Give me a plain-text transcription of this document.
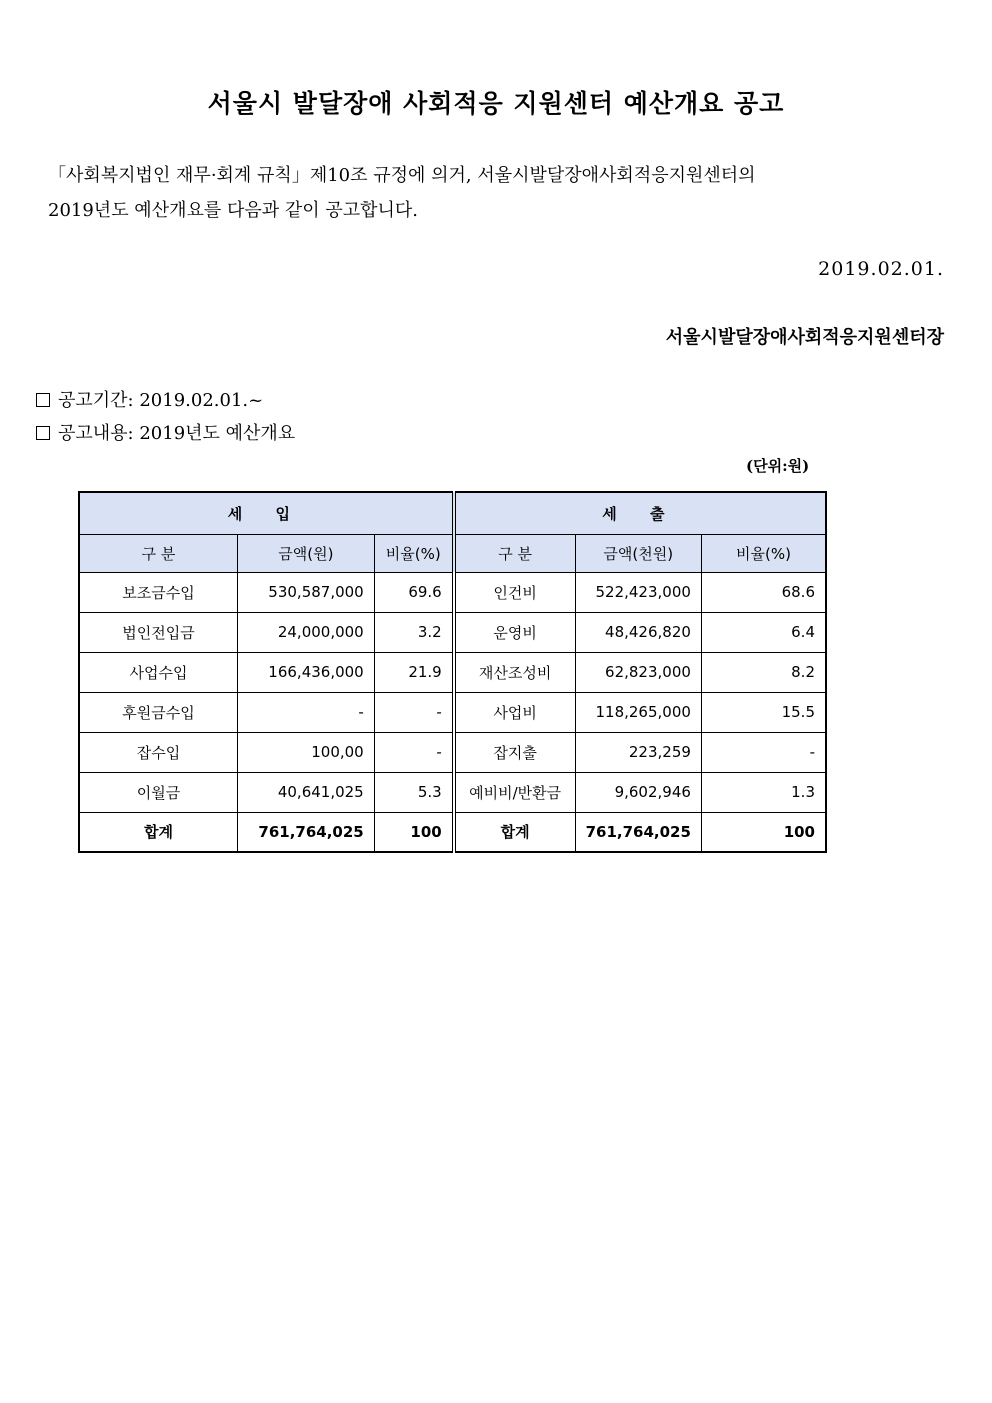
서울시 발달장애 사회적응 지원센터 예산개요 공고
「사회복지법인 재무·회계 규칙」제10조 규정에 의거, 서울시발달장애사회적응지원센터의
2019년도 예산개요를 다음과 같이 공고합니다.
2019.02.01.
서울시발달장애사회적응지원센터장
공고기간: 2019.02.01.~
공고내용: 2019년도 예산개요
(단위:원)
세 입			세 출		
구 분	금액(원)	비율(%)	구 분	금액(천원)	비율(%)
보조금수입	530,587,000	69.6	인건비	522,423,000	68.6
법인전입금	24,000,000	3.2	운영비	48,426,820	6.4
사업수입	166,436,000	21.9	재산조성비	62,823,000	8.2
후원금수입	-	-	사업비	118,265,000	15.5
잡수입	100,00	-	잡지출	223,259	-
이월금	40,641,025	5.3	예비비/반환금	9,602,946	1.3
합계	761,764,025	100	합계	761,764,025	100
